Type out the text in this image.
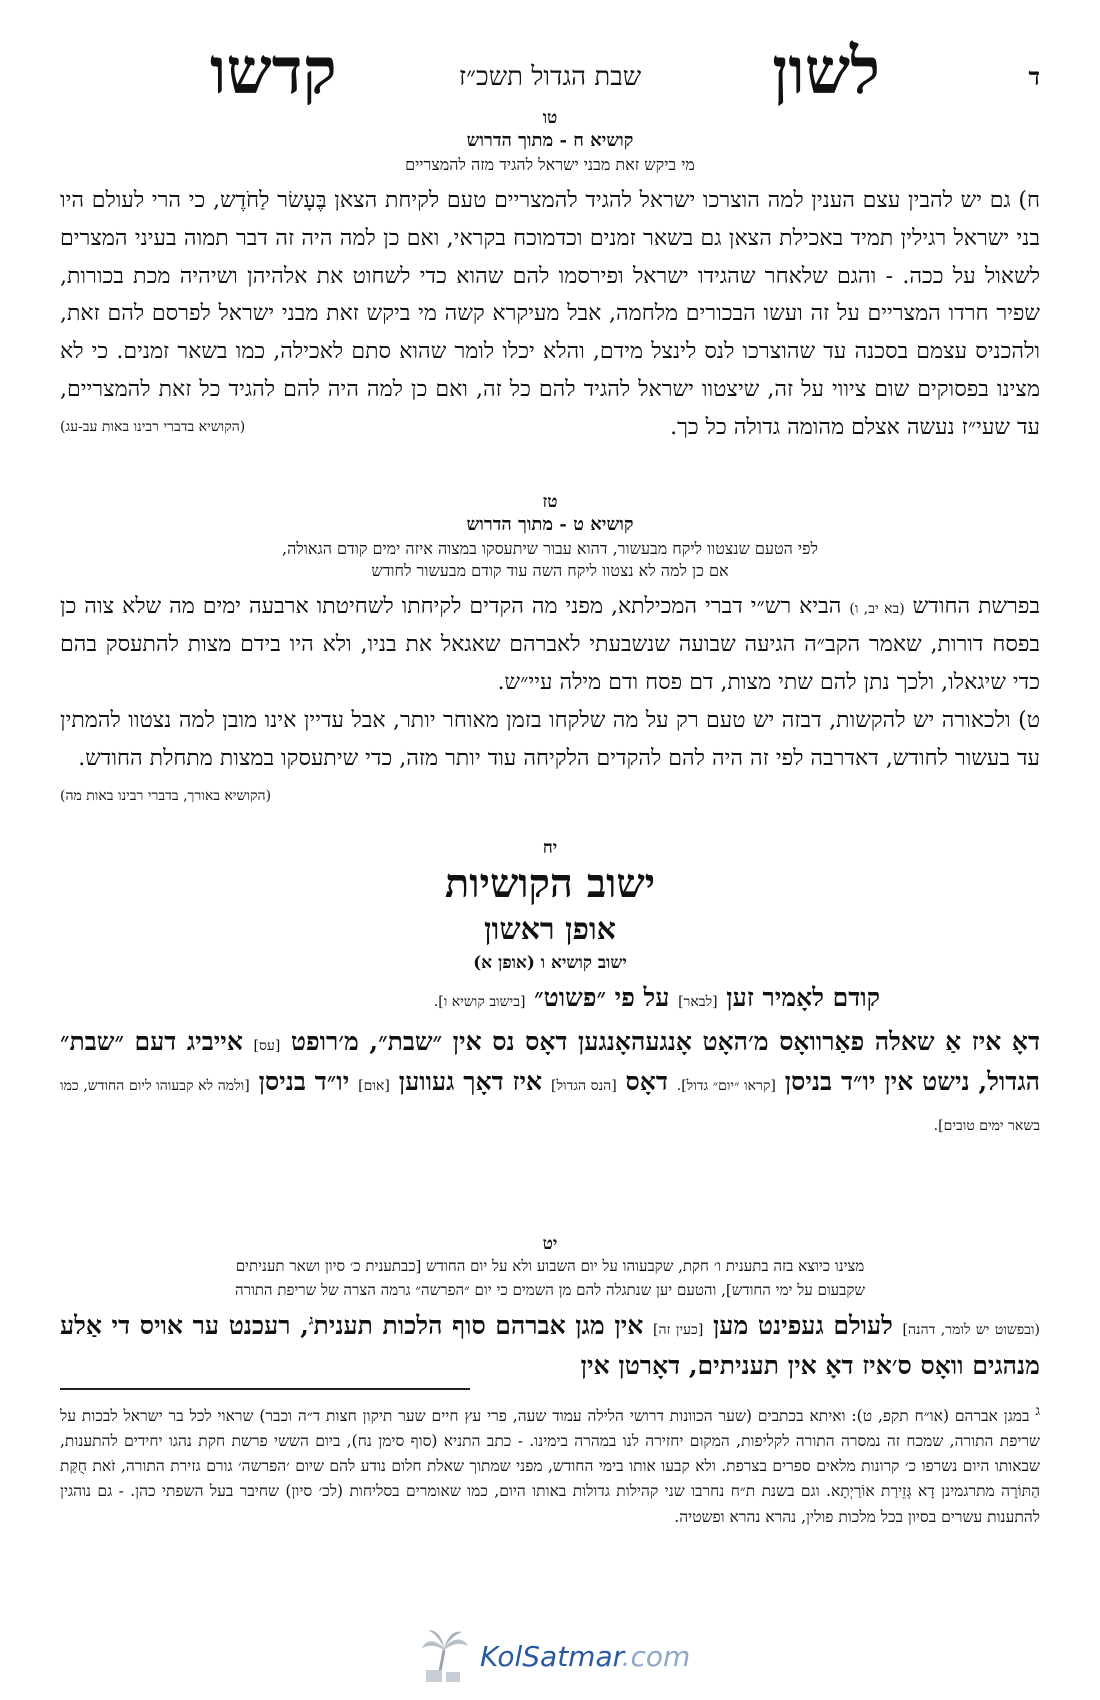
ד
לשון
שבת הגדול תשכ״ז
קדשו
טו
קושיא ח - מתוך הדרוש
מי ביקש זאת מבני ישראל להגיד מזה להמצריים

ח) גם יש להבין עצם הענין למה הוצרכו ישראל להגיד להמצריים טעם לקיחת הצאן בֶּעָשׂר לַחֹדֶש, כי הרי לעולם היו בני ישראל רגילין תמיד באכילת הצאן גם בשאר זמנים וכדמוכח בקראי, ואם כן למה היה זה דבר תמוה בעיני המצרים לשאול על ככה. - והגם שלאחר שהגידו ישראל ופירסמו להם שהוא כדי לשחוט את אלהיהן ושיהיה מכת בכורות, שפיר חרדו המצריים על זה ועשו הבכורים מלחמה, אבל מעיקרא קשה מי ביקש זאת מבני ישראל לפרסם להם זאת, ולהכניס עצמם בסכנה עד שהוצרכו לנס לינצל מידם, והלא יכלו לומר שהוא סתם לאכילה, כמו בשאר זמנים. כי לא מצינו בפסוקים שום ציווי על זה, שיצטוו ישראל להגיד להם כל זה, ואם כן למה היה להם להגיד כל זאת להמצריים, עד שעי״ז נעשה אצלם מהומה גדולה כל כך.
(הקושיא בדברי רבינו באות עב-עג)

טז
קושיא ט - מתוך הדרוש
לפי הטעם שנצטוו ליקח מבעשור, דהוא עבור שיתעסקו במצוה איזה ימים קודם הגאולה,
אם כן למה לא נצטוו ליקח השה עוד קודם מבעשור לחודש

בפרשת החודש (בא יב, ו) הביא רש״י דברי המכילתא, מפני מה הקדים לקיחתו לשחיטתו ארבעה ימים מה שלא צוה כן בפסח דורות, שאמר הקב״ה הגיעה שבועה שנשבעתי לאברהם שאגאל את בניו, ולא היו בידם מצות להתעסק בהם כדי שיגאלו, ולכך נתן להם שתי מצות, דם פסח ודם מילה עיי״ש.

ט) ולכאורה יש להקשות, דבזה יש טעם רק על מה שלקחו בזמן מאוחר יותר, אבל עדיין אינו מובן למה נצטוו להמתין עד בעשור לחודש, דאדרבה לפי זה היה להם להקדים הלקיחה עוד יותר מזה, כדי שיתעסקו במצות מתחלת החודש.
(הקושיא באורך, בדברי רבינו באות מה)

יח
ישוב הקושיות
אופן ראשון
ישוב קושיא ו (אופן א)

קודם לאָמיר זען [לבאר] על פי ״פשוט״ [בישוב קושיא ו].

דאָ איז אַ שאלה פאַרוואָס מ׳האָט אָנגעהאָנגען דאָס נס אין ״שבת״, מ׳רופט [עס] אייביג דעם ״שבת״ הגדול, נישט אין יו״ד בניסן [קראו ״יום״ גדול]. דאָס [הנס הגדול] איז דאָך געווען [אום] יו״ד בניסן [ולמה לא קבעוהו ליום החודש, כמו בשאר ימים טובים].

יט
מצינו כיוצא בזה בתענית ו׳ חקת, שקבעוהו על יום השבוע ולא על יום החודש [כבתענית כ׳ סיון ושאר תעניתים
שקבעום על ימי החודש], והטעם יען שנתגלה להם מן השמים כי יום ״הפרשה״ גרמה הצרה של שריפת התורה

(ובפשוט יש לומר, דהנה] לעולם געפינט מען [כעין זה] אין מגן אברהם סוף הלכות תענית$^ג$, רעכנט ער אויס די אַלע מנהגים וואָס ס׳איז דאָ אין תעניתים, דאָרטן אין

$^ג$ במגן אברהם (או״ח תקפ, ט): ואיתא בכתבים (שער הכוונות דרושי הלילה עמוד שעה, פרי עץ חיים שער תיקון חצות ד״ה וכבר) שראוי לכל בר ישראל לבכות על שריפת התורה, שמכח זה נמסרה התורה לקליפות, המקום יחזירה לנו במהרה בימינו. - כתב התניא (סוף סימן נח), ביום הששי פרשת חקת נהגו יחידים להתענות, שבאותו היום נשרפו כ׳ קרונות מלאים ספרים בצרפת. ולא קבעו אותו בימי החודש, מפני שמתוך שאלת חלום נודע להם שיום ׳הפרשה׳ גורם גזירת התורה, זֹאת חֻקַּת הַתּוֹרָה מתרגמינן דָא גְּזֵירַת אוֹרַיְתָא. וגם בשנת ת״ח נחרבו שני קהילות גדולות באותו היום, כמו שאומרים בסליחות (לכ׳ סיון) שחיבר בעל השפתי כהן. - גם נוהגין להתענות עשרים בסיון בכל מלכות פולין, נהרא נהרא ופשטיה.
KolSatmar.com
